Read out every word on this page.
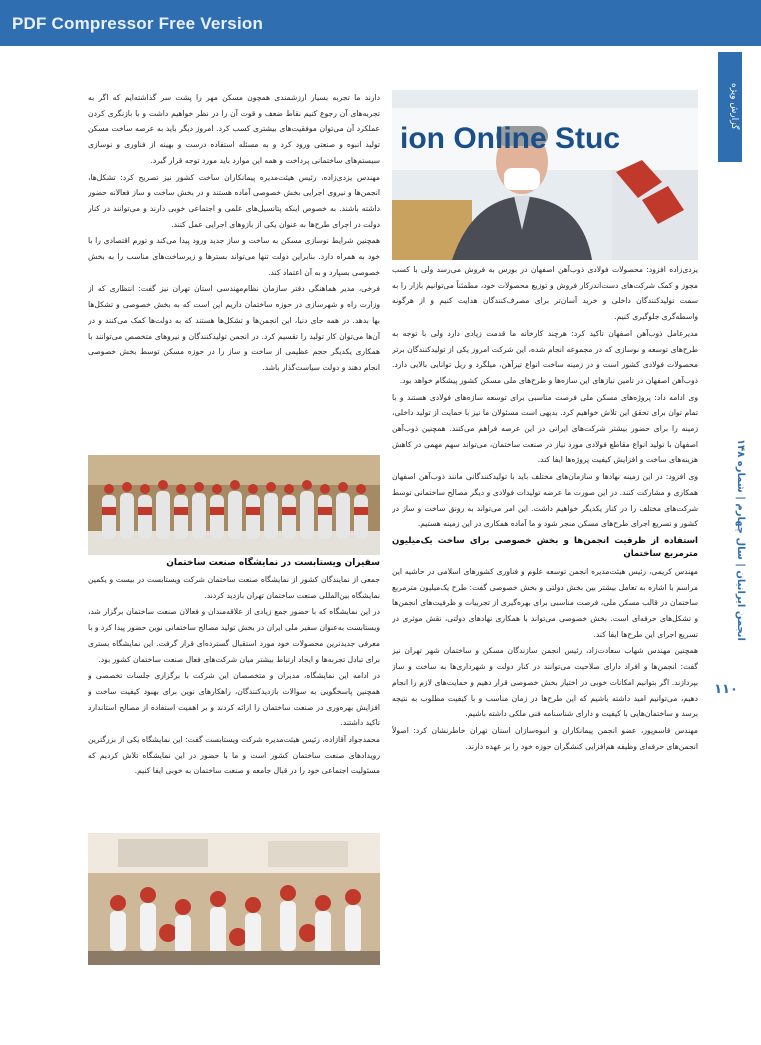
PDF Compressor Free Version
گزارش ویژه
انجمن ایرانیان | سال چهارم | شماره ۱۴۸
۱۱۰
ion Online Stuc

دارند ما تجربه بسیار ارزشمندی همچون مسکن مهر را پشت سر گذاشته‌ایم که اگر به تجربه‌های آن رجوع کنیم نقاط ضعف و قوت آن را در نظر خواهیم داشت و با بازنگری کردن عملکرد آن می‌توان موفقیت‌های بیشتری کسب کرد. امروز دیگر باید به عرصه ساخت مسکن تولید انبوه و صنعتی ورود کرد و به مسئله استفاده درست و بهینه از فناوری و نوسازی سیستم‌های ساختمانی پرداخت و همه این موارد باید مورد توجه قرار گیرد.

مهندس یزدی‌زاده، رئیس هیئت‌مدیره پیمانکاران ساخت کشور نیز تصریح کرد: تشکل‌ها، انجمن‌ها و نیروی اجرایی بخش خصوصی آماده هستند و در بخش ساخت و ساز فعالانه حضور داشته باشند. به خصوص اینکه پتانسیل‌های علمی و اجتماعی خوبی دارند و می‌توانند در کنار دولت در اجرای طرح‌ها به عنوان یکی از بازوهای اجرایی عمل کنند.

همچنین شرایط نوسازی مسکن به ساخت و ساز جدید ورود پیدا می‌کند و تورم اقتصادی را با خود به همراه دارد. بنابراین دولت تنها می‌تواند بسترها و زیرساخت‌های مناسب را به بخش خصوصی بسپارد و به آن اعتماد کند.

فرخی، مدیر هماهنگی دفتر سازمان نظام‌مهندسی استان تهران نیز گفت: انتظاری که از وزارت راه و شهرسازی در حوزه ساختمان داریم این است که به بخش خصوصی و تشکل‌ها بها بدهد. در همه جای دنیا، این انجمن‌ها و تشکل‌ها هستند که به دولت‌ها کمک می‌کنند و در آن‌ها می‌توان کار تولید را تقسیم کرد. در انجمن تولیدکنندگان و نیروهای متخصص می‌توانند با همکاری یکدیگر حجم عظیمی از ساخت و ساز را در حوزه مسکن توسط بخش خصوصی انجام دهند و دولت سیاست‌گذار باشد.

سفیران ویستابست در نمایشگاه صنعت ساختمان

جمعی از نمایندگان کشور از نمایشگاه صنعت ساختمان شرکت ویستابست در بیست و یکمین نمایشگاه بین‌المللی صنعت ساختمان تهران بازدید کردند.

در این نمایشگاه که با حضور جمع زیادی از علاقه‌مندان و فعالان صنعت ساختمان برگزار شد، ویستابست به‌عنوان سفیر ملی ایران در بخش تولید مصالح ساختمانی نوین حضور پیدا کرد و با معرفی جدیدترین محصولات خود مورد استقبال گسترده‌ای قرار گرفت. این نمایشگاه بستری برای تبادل تجربه‌ها و ایجاد ارتباط بیشتر میان شرکت‌های فعال صنعت ساختمان کشور بود.

در ادامه این نمایشگاه، مدیران و متخصصان این شرکت با برگزاری جلسات تخصصی و همچنین پاسخگویی به سوالات بازدیدکنندگان، راهکارهای نوین برای بهبود کیفیت ساخت و افزایش بهره‌وری در صنعت ساختمان را ارائه کردند و بر اهمیت استفاده از مصالح استاندارد تاکید داشتند.

محمدجواد آقازاده، رئیس هیئت‌مدیره شرکت ویستابست گفت: این نمایشگاه یکی از بزرگترین رویدادهای صنعت ساختمان کشور است و ما با حضور در این نمایشگاه تلاش کردیم که مسئولیت اجتماعی خود را در قبال جامعه و صنعت ساختمان به خوبی ایفا کنیم.

یزدی‌زاده افزود: محصولات فولادی ذوب‌آهن اصفهان در بورس به فروش می‌رسد ولی با کسب مجوز و کمک شرکت‌های دست‌اندرکار فروش و توزیع محصولات خود، مطمئناً می‌توانیم بازار را به سمت تولیدکنندگان داخلی و خرید آسان‌تر برای مصرف‌کنندگان هدایت کنیم و از هرگونه واسطه‌گری جلوگیری کنیم.

مدیرعامل ذوب‌آهن اصفهان تاکید کرد: هرچند کارخانه ما قدمت زیادی دارد ولی با توجه به طرح‌های توسعه و نوسازی که در مجموعه انجام شده، این شرکت امروز یکی از تولیدکنندگان برتر محصولات فولادی کشور است و در زمینه ساخت انواع تیرآهن، میلگرد و ریل توانایی بالایی دارد. ذوب‌آهن اصفهان در تامین نیازهای این سازه‌ها و طرح‌های ملی مسکن کشور پیشگام خواهد بود.

وی ادامه داد: پروژه‌های مسکن ملی فرصت مناسبی برای توسعه سازه‌های فولادی هستند و با تمام توان برای تحقق این تلاش خواهیم کرد. بدیهی است مسئولان ما نیز با حمایت از تولید داخلی، زمینه را برای حضور بیشتر شرکت‌های ایرانی در این عرصه فراهم می‌کنند. همچنین ذوب‌آهن اصفهان با تولید انواع مقاطع فولادی مورد نیاز در صنعت ساختمان، می‌تواند سهم مهمی در کاهش هزینه‌های ساخت و افزایش کیفیت پروژه‌ها ایفا کند.

وی افزود: در این زمینه نهادها و سازمان‌های مختلف باید با تولیدکنندگانی مانند ذوب‌آهن اصفهان همکاری و مشارکت کنند. در این صورت ما عرضه تولیدات فولادی و دیگر مصالح ساختمانی توسط شرکت‌های مختلف را در کنار یکدیگر خواهیم داشت. این امر می‌تواند به رونق ساخت و ساز در کشور و تسریع اجرای طرح‌های مسکن منجر شود و ما آماده همکاری در این زمینه هستیم.

استفاده از ظرفیت انجمن‌ها و بخش خصوصی برای ساخت یک‌میلیون مترمربع ساختمان

مهندس کریمی، رئیس هیئت‌مدیره انجمن توسعه علوم و فناوری کشورهای اسلامی در حاشیه این مراسم با اشاره به تعامل بیشتر بین بخش دولتی و بخش خصوصی گفت: طرح یک‌میلیون مترمربع ساختمان در قالب مسکن ملی، فرصت مناسبی برای بهره‌گیری از تجربیات و ظرفیت‌های انجمن‌ها و تشکل‌های حرفه‌ای است. بخش خصوصی می‌تواند با همکاری نهادهای دولتی، نقش موثری در تسریع اجرای این طرح‌ها ایفا کند.

همچنین مهندس شهاب سعادت‌زاد، رئیس انجمن سازندگان مسکن و ساختمان شهر تهران نیز گفت: انجمن‌ها و افراد دارای صلاحیت می‌توانند در کنار دولت و شهرداری‌ها به ساخت و ساز بپردازند. اگر بتوانیم امکانات خوبی در اختیار بخش خصوصی قرار دهیم و حمایت‌های لازم را انجام دهیم، می‌توانیم امید داشته باشیم که این طرح‌ها در زمان مناسب و با کیفیت مطلوب به نتیجه برسد و ساختمان‌هایی با کیفیت و دارای شناسنامه فنی ملکی داشته باشیم.

مهندس قاسم‌پور، عضو انجمن پیمانکاران و انبوه‌سازان استان تهران خاطرنشان کرد: اصولاً انجمن‌های حرفه‌ای وظیفه هم‌افزایی کنشگران حوزه خود را بر عهده دارند.
